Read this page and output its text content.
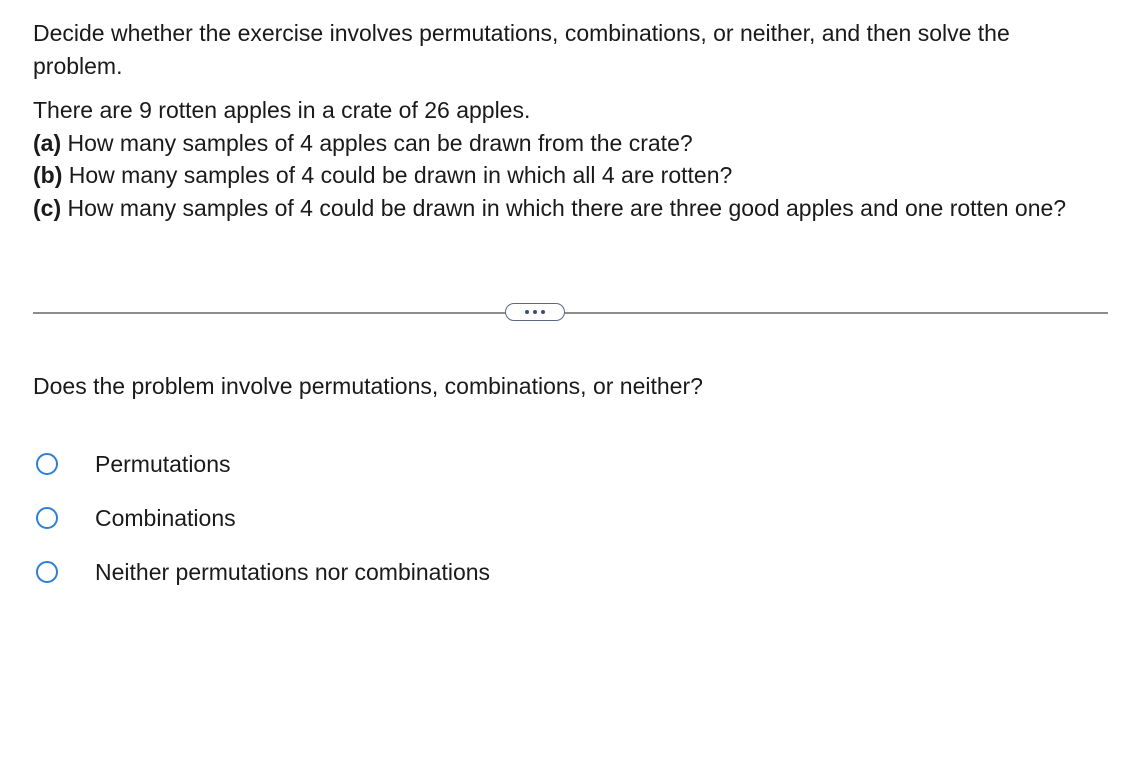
Decide whether the exercise involves permutations, combinations, or neither, and then solve the problem.

There are 9 rotten apples in a crate of 26 apples.
(a) How many samples of 4 apples can be drawn from the crate?
(b) How many samples of 4 could be drawn in which all 4 are rotten?
(c) How many samples of 4 could be drawn in which there are three good apples and one rotten one?

Does the problem involve permutations, combinations, or neither?

Permutations
Combinations
Neither permutations nor combinations
